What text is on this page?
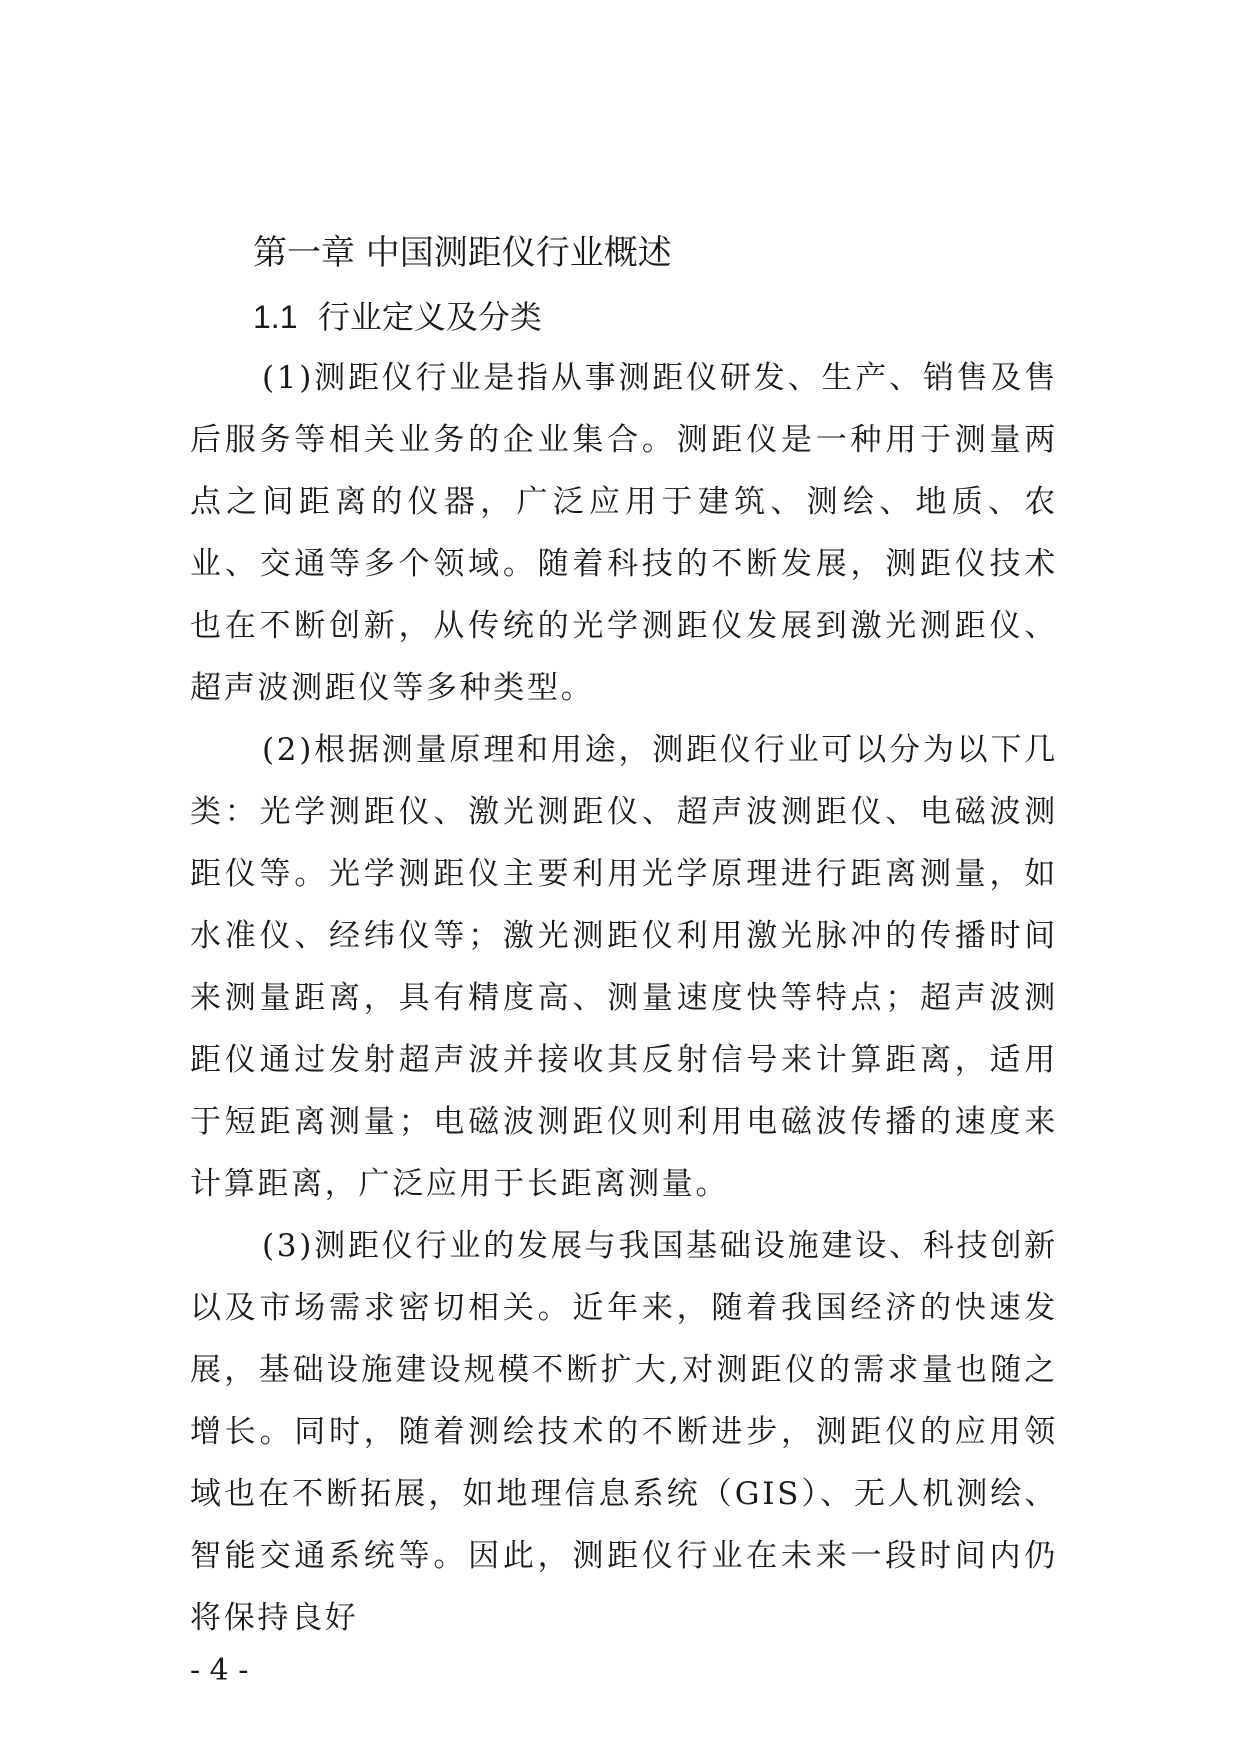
第一章 中国测距仪行业概述
1.1 行业定义及分类

(1)测距仪行业是指从事测距仪研发、生产、销售及售后服务等相关业务的企业集合。测距仪是一种用于测量两点之间距离的仪器，广泛应用于建筑、测绘、地质、农业、交通等多个领域。随着科技的不断发展，测距仪技术也在不断创新，从传统的光学测距仪发展到激光测距仪、超声波测距仪等多种类型。

(2)根据测量原理和用途，测距仪行业可以分为以下几类：光学测距仪、激光测距仪、超声波测距仪、电磁波测距仪等。光学测距仪主要利用光学原理进行距离测量，如水准仪、经纬仪等；激光测距仪利用激光脉冲的传播时间来测量距离，具有精度高、测量速度快等特点；超声波测距仪通过发射超声波并接收其反射信号来计算距离，适用于短距离测量；电磁波测距仪则利用电磁波传播的速度来计算距离，广泛应用于长距离测量。

(3)测距仪行业的发展与我国基础设施建设、科技创新以及市场需求密切相关。近年来，随着我国经济的快速发展，基础设施建设规模不断扩大,对测距仪的需求量也随之增长。同时，随着测绘技术的不断进步，测距仪的应用领域也在不断拓展，如地理信息系统（GIS）、无人机测绘、智能交通系统等。因此，测距仪行业在未来一段时间内仍将保持良好

- 4 -
